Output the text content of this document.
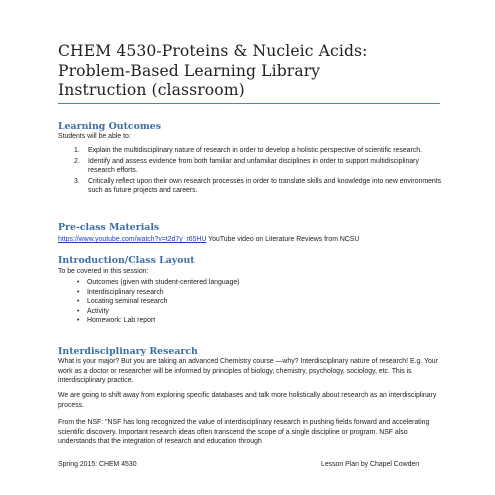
CHEM 4530-Proteins & Nucleic Acids:
Problem-Based Learning Library
Instruction (classroom)
Learning Outcomes
Students will be able to:
1. Explain the multidisciplinary nature of research in order to develop a holistic perspective of scientific research.
2. Identify and assess evidence from both familiar and unfamiliar disciplines in order to support multidisciplinary research efforts.
3. Critically reflect upon their own research processes in order to translate skills and knowledge into new environments such as future projects and careers.
Pre-class Materials
https://www.youtube.com/watch?v=t2d7y_r65HU YouTube video on Literature Reviews from NCSU
Introduction/Class Layout
To be covered in this session:
• Outcomes (given with student-centered language)
• Interdisciplinary research
• Locating seminal research
• Activity
• Homework: Lab report
Interdisciplinary Research
What is your major? But you are taking an advanced Chemistry course —why? Interdisciplinary nature of research! E.g. Your work as a doctor or researcher will be informed by principles of biology, chemistry, psychology, sociology, etc. This is interdisciplinary practice.
We are going to shift away from exploring specific databases and talk more holistically about research as an interdisciplinary process.
From the NSF: "NSF has long recognized the value of interdisciplinary research in pushing fields forward and accelerating scientific discovery. Important research ideas often transcend the scope of a single discipline or program. NSF also understands that the integration of research and education through
Spring 2015: CHEM 4530	Lesson Plan by Chapel Cowden
